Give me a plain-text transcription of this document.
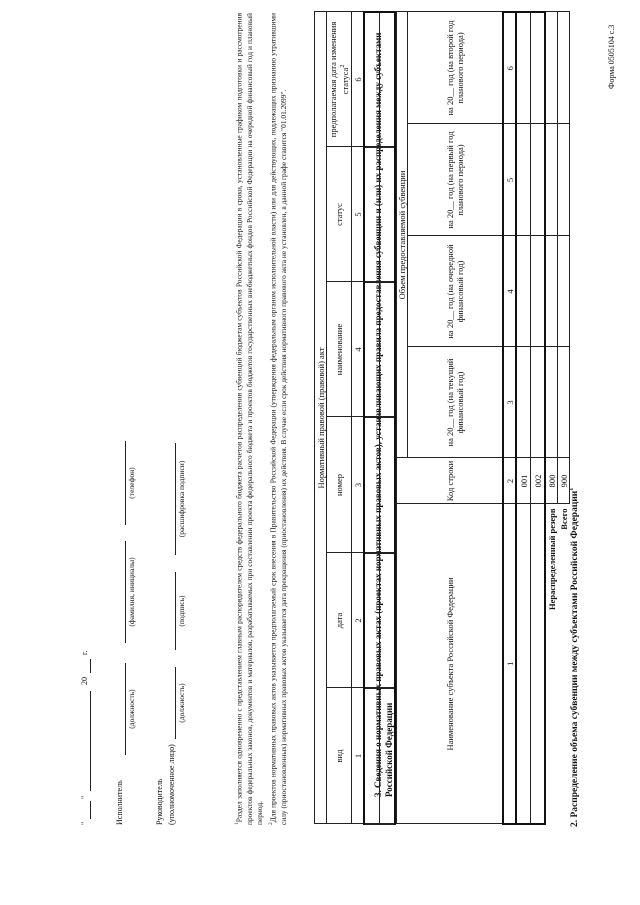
Форма 0505104 с.3
2. Распределение объема субвенции между субъектами Российской Федерации$^1$
Наименование субъекта Российской Федерации	Код строки	Объем предоставляемой субвенции			
		на 20__ год (на текущий финансовый год)	на 20__ год (на очередной финансовый год)	на 20__ год (на первый год планового периода)	на 20__ год (на второй год планового периода)
1	2	3	4	5	6
	001				
	002				
Нераспределенный резерв	800				
Всего	900				
3. Сведения о нормативных правовых актах (проектах нормативных правовых актов), устанавливающих правила предоставления субвенции и (или) их распределения между субъектами Российской Федерации
Нормативный правовой (правовой) акт					
вид	дата	номер	наименование	статус	предполагаемая дата изменения статуса$^2$
1	2	3	4	5	6

$^1$Раздел заполняется одновременно с представлением главным распорядителем средств федерального бюджета расчетов распределения субвенций бюджетам субъектов Российской Федерации в сроки, установленные графиком подготовки и рассмотрения проектов федеральных законов, документов и материалов, разрабатываемых при составлении проекта федерального бюджета и проектов бюджетов государственных внебюджетных фондов Российской Федерации на очередной финансовый год и плановый период. $^2$Для проектов нормативных правовых актов указывается предполагаемый срок внесения в Правительство Российской Федерации (утверждения федеральным органом исполнительной власти) или для действующих, подлежащих признанию утратившими силу (приостановленных) нормативных правовых актов указывается дата прекращения (приостановления) их действия. В случае если срок действия нормативного правового акта не установлен, в данной графе ставится "01.01.2099".

Руководитель (уполномоченное лицо)
(должность)
(подпись)
(расшифровка подписи)
Исполнитель
(должность)
(фамилия, инициалы)
(телефон)
"
"
20
г.
